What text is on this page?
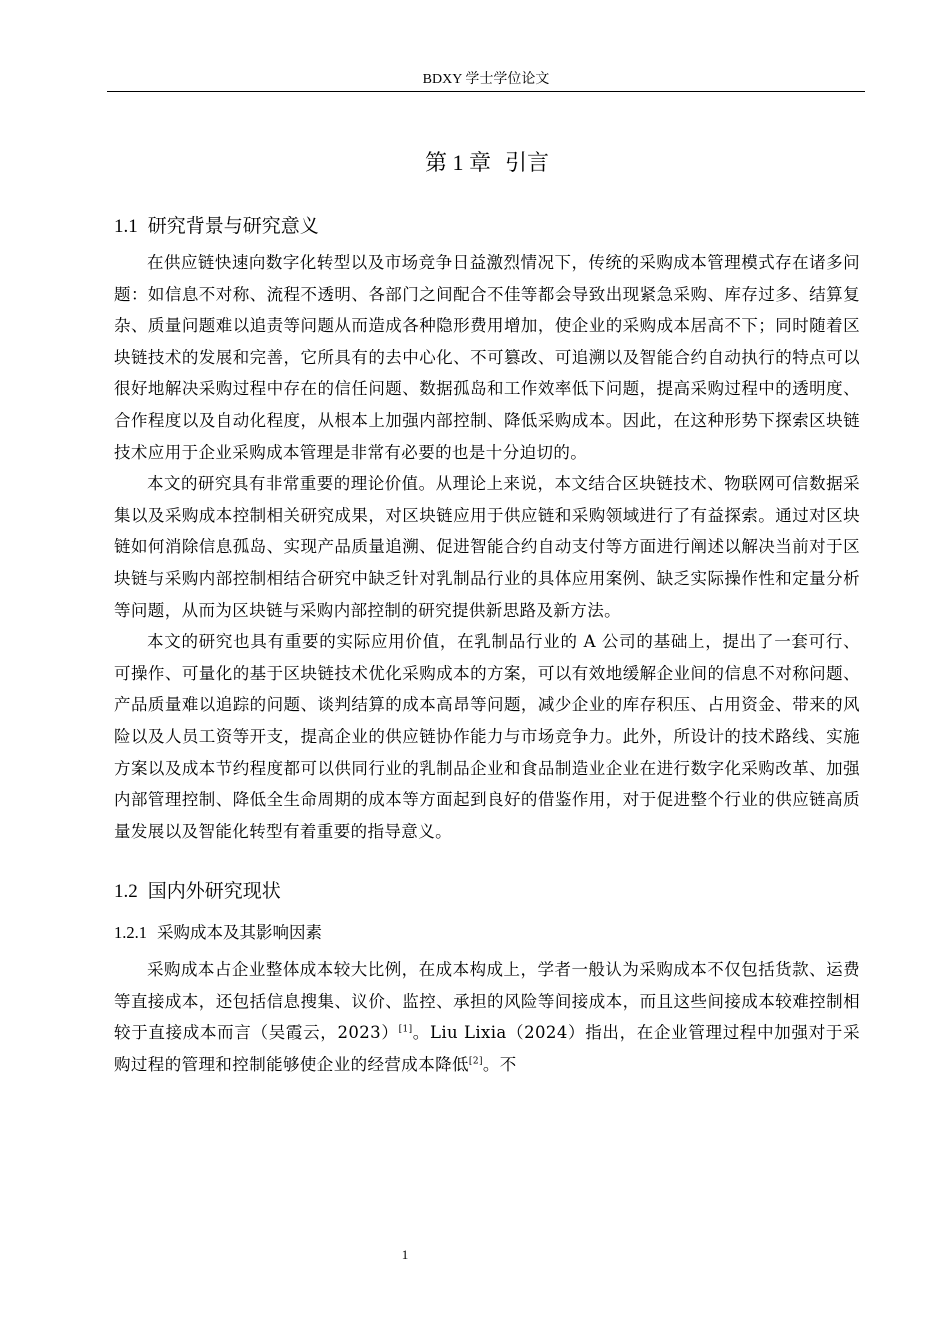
BDXY 学士学位论文
第 1 章 引言
1.1 研究背景与研究意义

在供应链快速向数字化转型以及市场竞争日益激烈情况下，传统的采购成本管理模式存在诸多问题：如信息不对称、流程不透明、各部门之间配合不佳等都会导致出现紧急采购、库存过多、结算复杂、质量问题难以追责等问题从而造成各种隐形费用增加，使企业的采购成本居高不下；同时随着区块链技术的发展和完善，它所具有的去中心化、不可篡改、可追溯以及智能合约自动执行的特点可以很好地解决采购过程中存在的信任问题、数据孤岛和工作效率低下问题，提高采购过程中的透明度、合作程度以及自动化程度，从根本上加强内部控制、降低采购成本。因此，在这种形势下探索区块链技术应用于企业采购成本管理是非常有必要的也是十分迫切的。

本文的研究具有非常重要的理论价值。从理论上来说，本文结合区块链技术、物联网可信数据采集以及采购成本控制相关研究成果，对区块链应用于供应链和采购领域进行了有益探索。通过对区块链如何消除信息孤岛、实现产品质量追溯、促进智能合约自动支付等方面进行阐述以解决当前对于区块链与采购内部控制相结合研究中缺乏针对乳制品行业的具体应用案例、缺乏实际操作性和定量分析等问题，从而为区块链与采购内部控制的研究提供新思路及新方法。

本文的研究也具有重要的实际应用价值，在乳制品行业的 A 公司的基础上，提出了一套可行、可操作、可量化的基于区块链技术优化采购成本的方案，可以有效地缓解企业间的信息不对称问题、产品质量难以追踪的问题、谈判结算的成本高昂等问题，减少企业的库存积压、占用资金、带来的风险以及人员工资等开支，提高企业的供应链协作能力与市场竞争力。此外，所设计的技术路线、实施方案以及成本节约程度都可以供同行业的乳制品企业和食品制造业企业在进行数字化采购改革、加强内部管理控制、降低全生命周期的成本等方面起到良好的借鉴作用，对于促进整个行业的供应链高质量发展以及智能化转型有着重要的指导意义。

1.2 国内外研究现状
1.2.1 采购成本及其影响因素

采购成本占企业整体成本较大比例，在成本构成上，学者一般认为采购成本不仅包括货款、运费等直接成本，还包括信息搜集、议价、监控、承担的风险等间接成本，而且这些间接成本较难控制相较于直接成本而言（吴霞云，2023）[1]。Liu Lixia（2024）指出，在企业管理过程中加强对于采购过程的管理和控制能够使企业的经营成本降低[2]。不

1
